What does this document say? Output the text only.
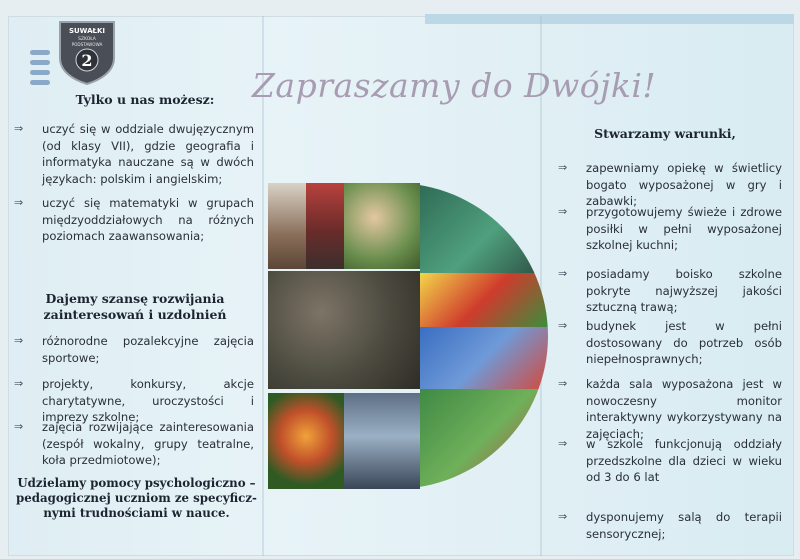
SUWAŁKI
SZKOŁA
PODSTAWOWA
2
Zapraszamy do Dwójki!
Tylko u nas możesz:
⇒ uczyć się w oddziale dwujęzycznym (od klasy VII), gdzie geografia i informatyka nauczane są w dwóch językach: polskim i angielskim;
⇒ uczyć się matematyki w grupach międzyoddziałowych na różnych poziomach zaawansowania;
Dajemy szansę rozwijania
zainteresowań i uzdolnień
⇒ różnorodne pozalekcyjne zajęcia sportowe;
⇒ projekty, konkursy, akcje charytatywne, uroczystości i imprezy szkolne;
⇒ zajęcia rozwijające zainteresowania (zespół wokalny, grupy teatralne, koła przedmiotowe);
Udzielamy pomocy psychologiczno –
pedagogicznej uczniom ze specyficz-
nymi trudnościami w nauce.
Stwarzamy warunki,
⇒ zapewniamy opiekę w świetlicy bogato wyposażonej w gry i zabawki;
⇒ przygotowujemy świeże i zdrowe posiłki w pełni wyposażonej szkolnej kuchni;
⇒ posiadamy boisko szkolne pokryte najwyższej jakości sztuczną trawą;
⇒ budynek jest w pełni dostosowany do potrzeb osób niepełnosprawnych;
⇒ każda sala wyposażona jest w nowoczesny monitor interaktywny wykorzystywany na zajęciach;
⇒ w szkole funkcjonują oddziały przedszkolne dla dzieci w wieku od 3 do 6 lat
⇒ dysponujemy salą do terapii sensorycznej;
